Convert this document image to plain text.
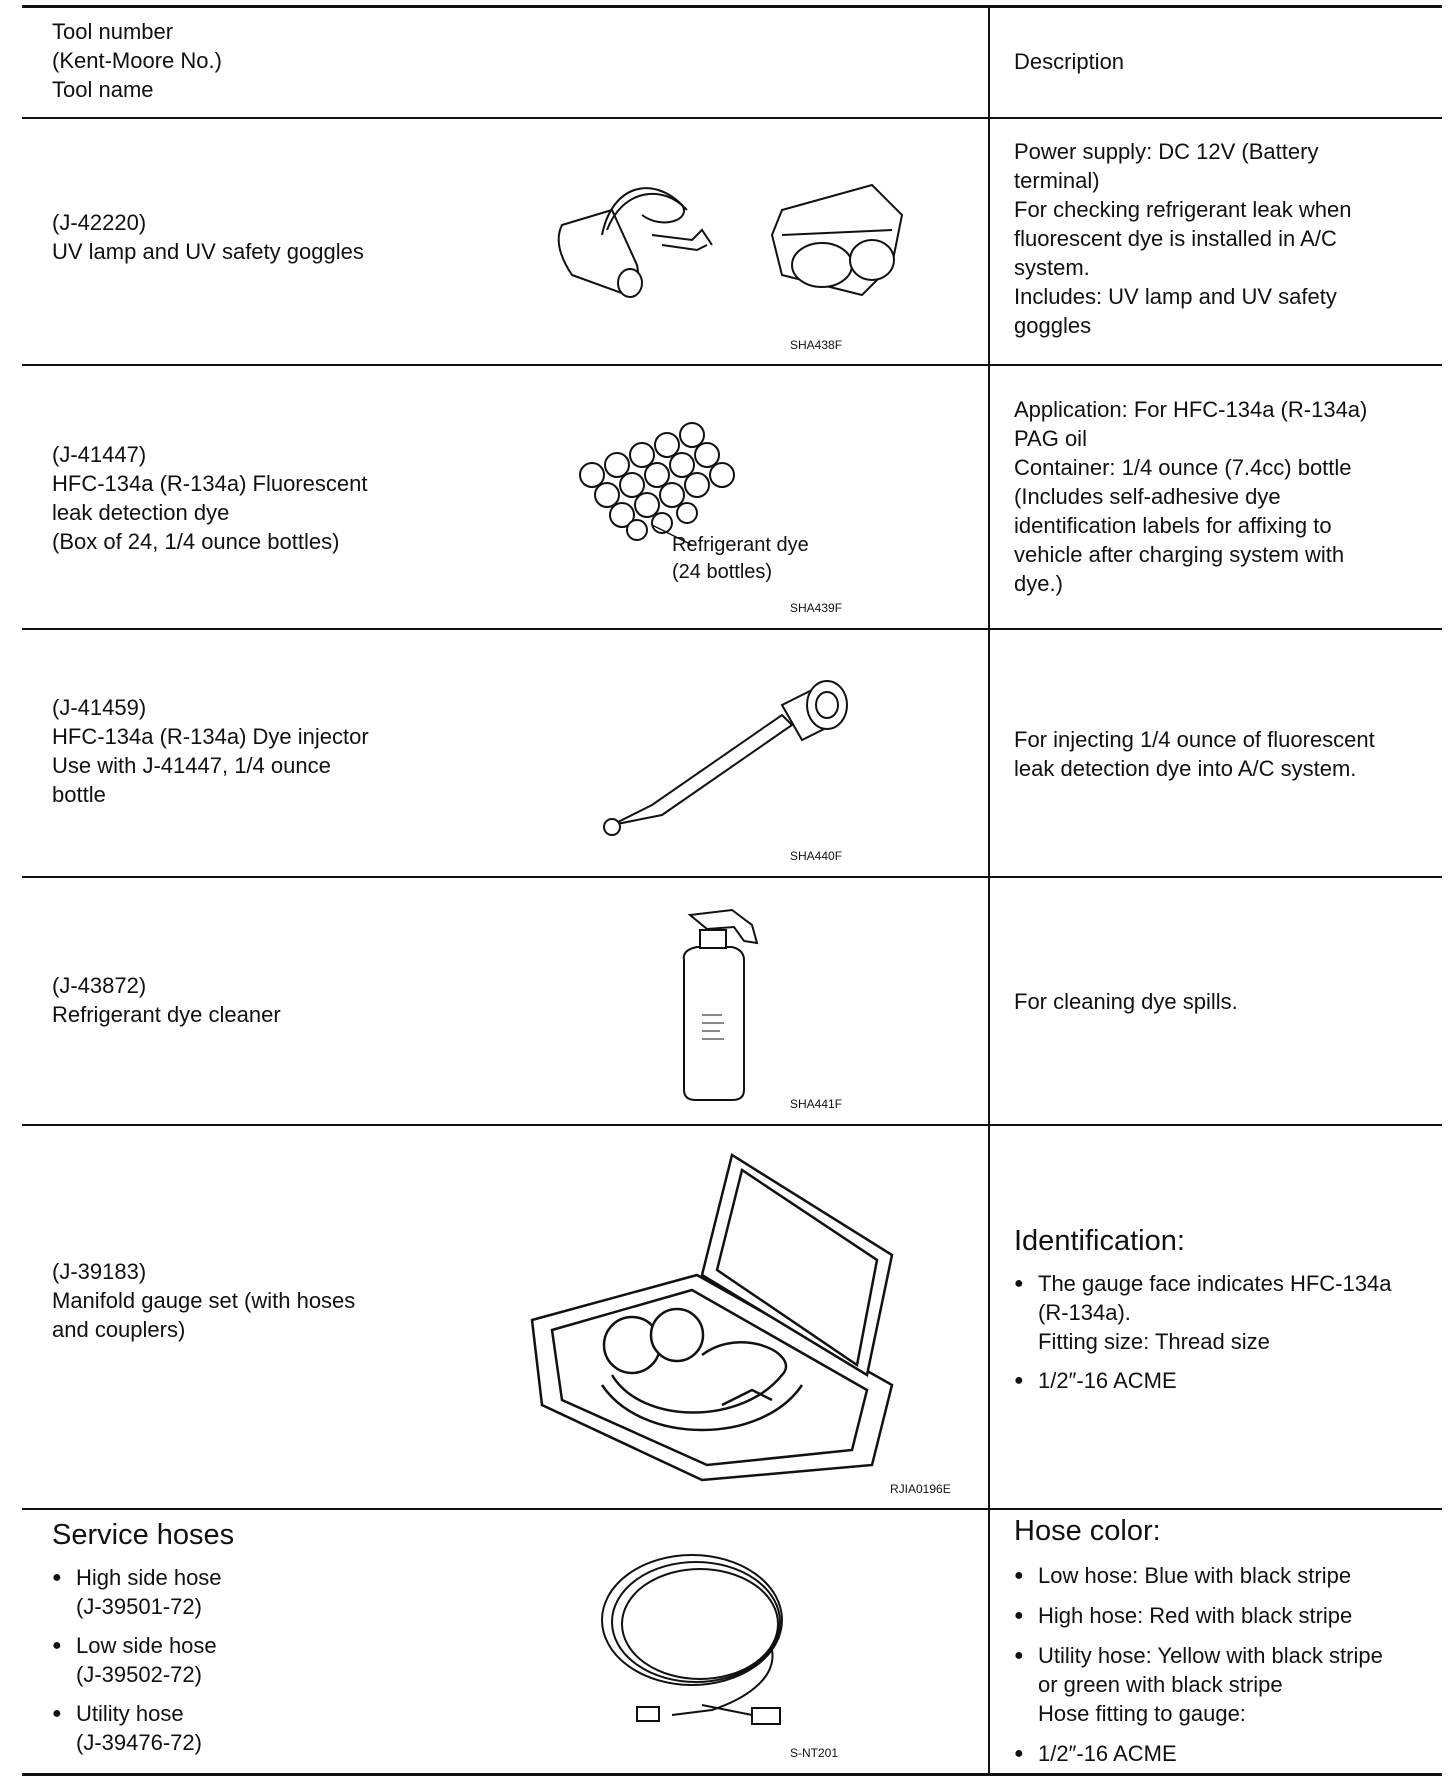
Tool number
(Kent-Moore No.)
Tool name
Description
(J-42220)
UV lamp and UV safety goggles
SHA438F
Power supply: DC 12V (Battery
terminal)
For checking refrigerant leak when
fluorescent dye is installed in A/C
system.
Includes: UV lamp and UV safety
goggles
(J-41447)
HFC-134a (R-134a) Fluorescent
leak detection dye
(Box of 24, 1/4 ounce bottles)	Refrigerant dye
(24 bottles)
SHA439F
Application: For HFC-134a (R-134a)
PAG oil
Container: 1/4 ounce (7.4cc) bottle
(Includes self-adhesive dye
identification labels for affixing to
vehicle after charging system with
dye.)
(J-41459)
HFC-134a (R-134a) Dye injector
Use with J-41447, 1/4 ounce
bottle
SHA440F
For injecting 1/4 ounce of fluorescent
leak detection dye into A/C system.
(J-43872)
Refrigerant dye cleaner
SHA441F
For cleaning dye spills.
(J-39183)
Manifold gauge set (with hoses
and couplers)
RJIA0196E
Identification:
● The gauge face indicates HFC-134a
(R-134a).
Fitting size: Thread size
● 1/2″-16 ACME
Service hoses
● High side hose
(J-39501-72)
● Low side hose
(J-39502-72)
● Utility hose
(J-39476-72)	S-NT201
Hose color:
● Low hose: Blue with black stripe
● High hose: Red with black stripe
● Utility hose: Yellow with black stripe
or green with black stripe
Hose fitting to gauge:
● 1/2″-16 ACME
